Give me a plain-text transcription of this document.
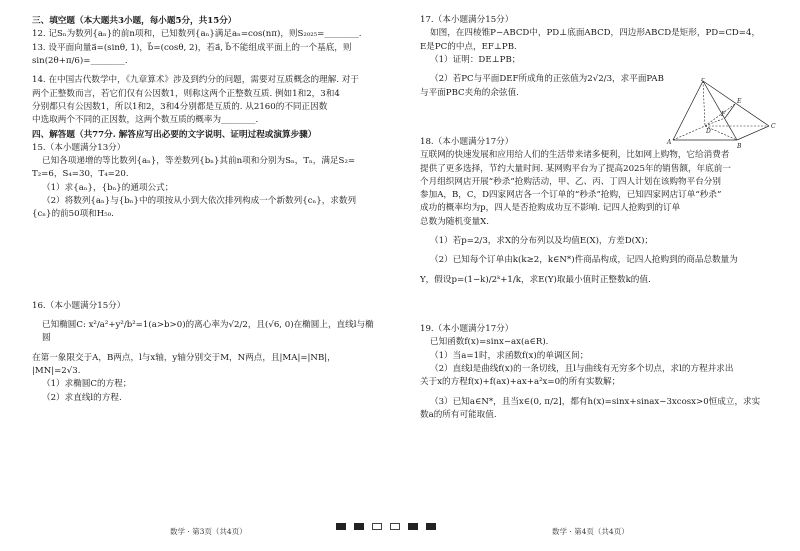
三、填空题（本大题共3小题，每小题5分，共15分）

12. 记Sₙ为数列{aₙ}的前n项和，已知数列{aₙ}满足aₙ=cos(nπ)，则S₂₀₂₅=________.

13. 设平面向量a⃗=(sinθ, 1)，b⃗=(cosθ, 2)，若a⃗, b⃗不能组成平面上的一个基底，则

sin(2θ+π/6)=________.

14. 在中国古代数学中，《九章算术》涉及到约分的问题，需要对互质概念的理解. 对于

两个正整数而言，若它们仅有公因数1，则称这两个正整数互质. 例如1和2，3和4

分别都只有公因数1，所以1和2，3和4分别都是互质的. 从2160的不同正因数

中选取两个不同的正因数，这两个数互质的概率为________.

四、解答题（共77分. 解答应写出必要的文字说明、证明过程或演算步骤）

15.（本小题满分13分）

已知各项递增的等比数列{aₙ}，等差数列{bₙ}其前n项和分别为Sₙ，Tₙ，满足S₂=

T₂=6，S₄=30，T₄=20.

（1）求{aₙ}，{bₙ}的通项公式；

（2）将数列{aₙ}与{bₙ}中的项按从小到大依次排列构成一个新数列{cₙ}，求数列

{cₙ}的前50项和H₅₀.

16.（本小题满分15分）

已知椭圆C: x²/a²+y²/b²=1(a>b>0)的离心率为√2/2，且(√6, 0)在椭圆上，直线l与椭圆

在第一象限交于A，B两点，l与x轴，y轴分别交于M，N两点，且|MA|=|NB|，

|MN|=2√3.

（1）求椭圆C的方程；

（2）求直线l的方程.

17.（本小题满分15分）

如图，在四棱锥P−ABCD中，PD⊥底面ABCD，四边形ABCD是矩形，PD=CD=4，

E是PC的中点，EF⊥PB.

（1）证明：DE⊥PB；

（2）若PC与平面DEF所成角的正弦值为2√2/3，求平面PAB

与平面PBC夹角的余弦值.

18.（本小题满分17分）

互联网的快速发展和应用给人们的生活带来诸多便利，比如网上购物，它给消费者

提供了更多选择，节约大量时间. 某网购平台为了提高2025年的销售额，年底前一

个月组织网店开展“秒杀”抢购活动，甲、乙、丙、丁四人计划在该购物平台分别

参加A，B，C，D四家网店各一个订单的“秒杀”抢购，已知四家网店订单“秒杀”

成功的概率均为p，四人是否抢购成功互不影响. 记四人抢购到的订单

总数为随机变量X.

（1）若p=2/3，求X的分布列以及均值E(X)，方差D(X)；

（2）已知每个订单由k(k≥2，k∈N*)件商品构成，记四人抢购到的商品总数量为

Y，假设p=(1−k)/2ᵏ+1/k，求E(Y)取最小值时正整数k的值.

19.（本小题满分17分）

已知函数f(x)=sinx−ax(a∈R).

（1）当a=1时，求函数f(x)的单调区间；

（2）直线l是曲线f(x)的一条切线，且l与曲线有无穷多个切点，求l的方程并求出

关于x的方程f(x)+f(ax)+ax+a²x=0的所有实数解；

（3）已知a∈N*，且当x∈(0, π/2]，都有h(x)=sinx+sinax−3xcosx>0恒成立，求实

数a的所有可能取值.

P
E
F
A
B
C
D
数学 · 第3页（共4页）	数学 · 第4页（共4页）
